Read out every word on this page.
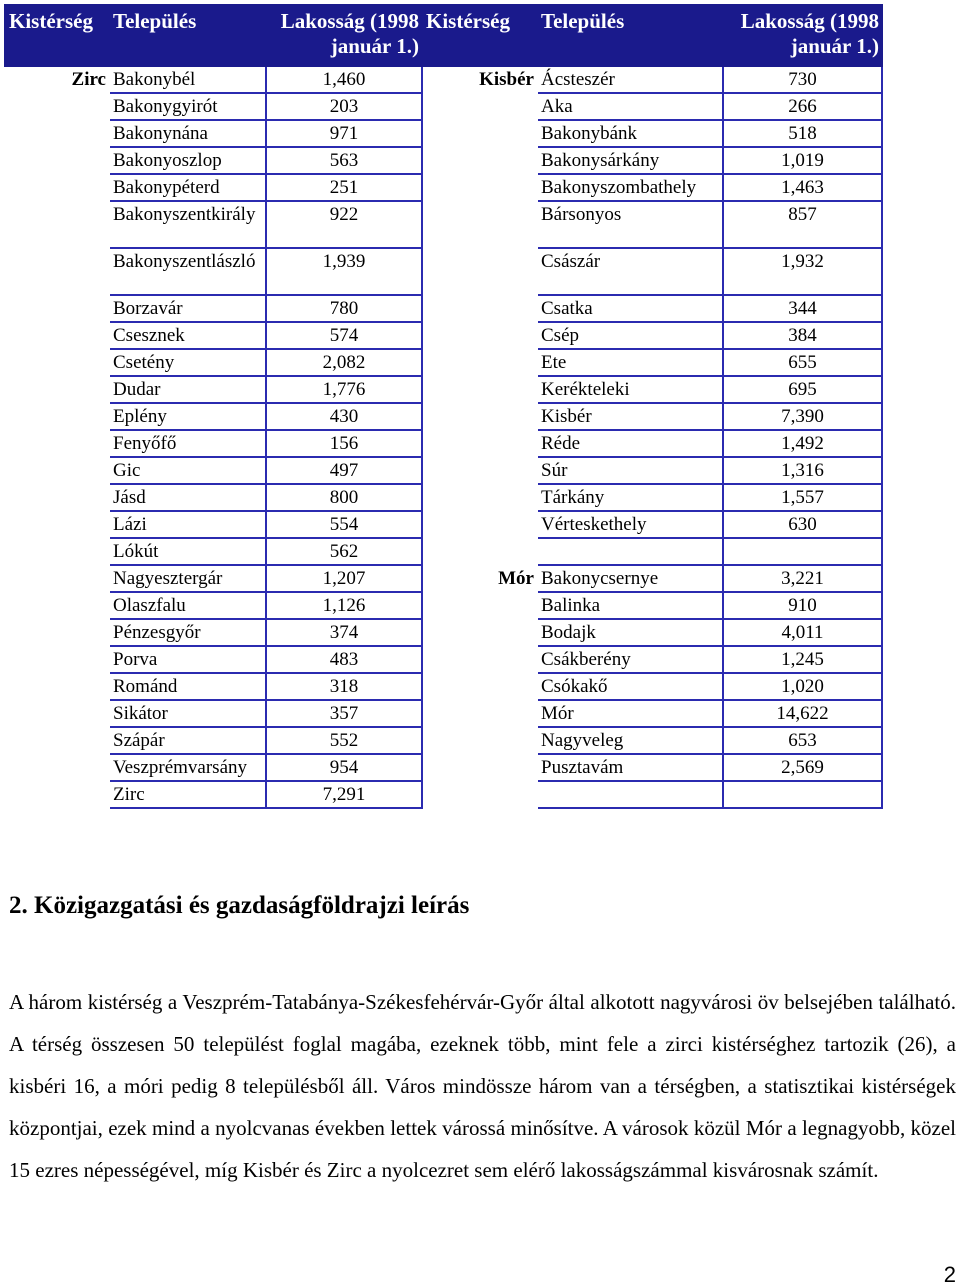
Kistérség	Település	Lakosság (1998 január 1.)	Kistérség	Település	Lakosság (1998 január 1.)
Zirc	Bakonybél	1,460	Kisbér	Ácsteszér	730
	Bakonygyirót	203		Aka	266
	Bakonynána	971		Bakonybánk	518
	Bakonyoszlop	563		Bakonysárkány	1,019
	Bakonypéterd	251		Bakonyszombathely	1,463
	Bakonyszentkirály	922		Bársonyos	857
	Bakonyszentlászló	1,939		Császár	1,932
	Borzavár	780		Csatka	344
	Csesznek	574		Csép	384
	Csetény	2,082		Ete	655
	Dudar	1,776		Kerékteleki	695
	Eplény	430		Kisbér	7,390
	Fenyőfő	156		Réde	1,492
	Gic	497		Súr	1,316
	Jásd	800		Tárkány	1,557
	Lázi	554		Vérteskethely	630
	Lókút	562			
	Nagyesztergár	1,207	Mór	Bakonycsernye	3,221
	Olaszfalu	1,126		Balinka	910
	Pénzesgyőr	374		Bodajk	4,011
	Porva	483		Csákberény	1,245
	Románd	318		Csókakő	1,020
	Sikátor	357		Mór	14,622
	Szápár	552		Nagyveleg	653
	Veszprémvarsány	954		Pusztavám	2,569
	Zirc	7,291			
2. Közigazgatási és gazdaságföldrajzi leírás

A három kistérség a Veszprém-Tatabánya-Székesfehérvár-Győr által alkotott nagyvárosi öv belsejében található. A térség összesen 50 települést foglal magába, ezeknek több, mint fele a zirci kistérséghez tartozik (26), a kisbéri 16, a móri pedig 8 településből áll. Város mindössze három van a térségben, a statisztikai kistérségek központjai, ezek mind a nyolcvanas években lettek várossá minősítve. A városok közül Mór a legnagyobb, közel 15 ezres népességével, míg Kisbér és Zirc a nyolcezret sem elérő lakosságszámmal kisvárosnak számít.

2
